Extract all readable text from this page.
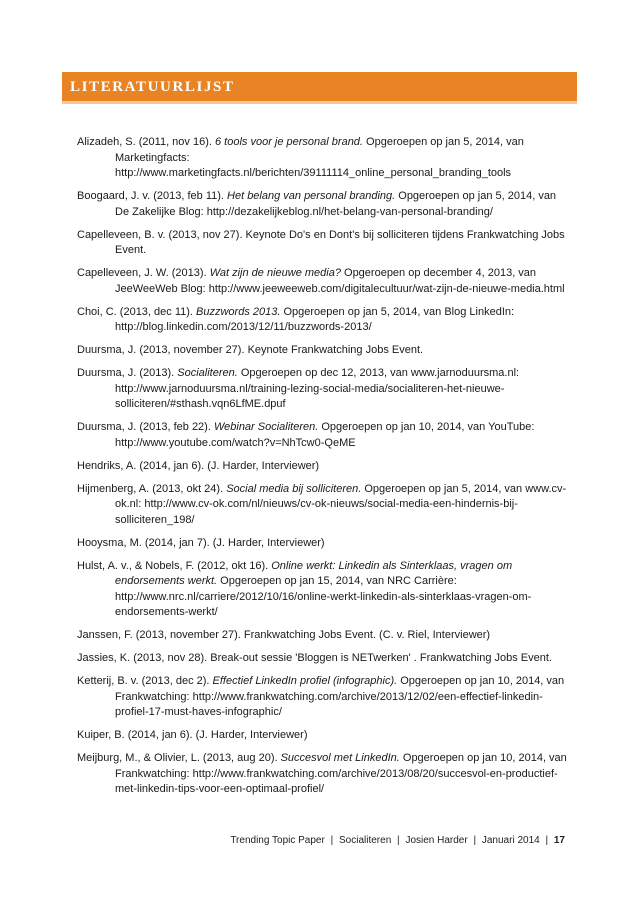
LITERATUURLIJST

Alizadeh, S. (2011, nov 16). 6 tools voor je personal brand. Opgeroepen op jan 5, 2014, van Marketingfacts: http://www.marketingfacts.nl/berichten/39111114_online_personal_branding_tools

Boogaard, J. v. (2013, feb 11). Het belang van personal branding. Opgeroepen op jan 5, 2014, van De Zakelijke Blog: http://dezakelijkeblog.nl/het-belang-van-personal-branding/

Capelleveen, B. v. (2013, nov 27). Keynote Do's en Dont's bij solliciteren tijdens Frankwatching Jobs Event.

Capelleveen, J. W. (2013). Wat zijn de nieuwe media? Opgeroepen op december 4, 2013, van JeeWeeWeb Blog: http://www.jeeweeweb.com/digitalecultuur/wat-zijn-de-nieuwe-media.html

Choi, C. (2013, dec 11). Buzzwords 2013. Opgeroepen op jan 5, 2014, van Blog LinkedIn: http://blog.linkedin.com/2013/12/11/buzzwords-2013/

Duursma, J. (2013, november 27). Keynote Frankwatching Jobs Event.

Duursma, J. (2013). Socialiteren. Opgeroepen op dec 12, 2013, van www.jarnoduursma.nl: http://www.jarnoduursma.nl/training-lezing-social-media/socialiteren-het-nieuwe-solliciteren/#sthash.vqn6LfME.dpuf

Duursma, J. (2013, feb 22). Webinar Socialiteren. Opgeroepen op jan 10, 2014, van YouTube: http://www.youtube.com/watch?v=NhTcw0-QeME

Hendriks, A. (2014, jan 6). (J. Harder, Interviewer)

Hijmenberg, A. (2013, okt 24). Social media bij solliciteren. Opgeroepen op jan 5, 2014, van www.cv-ok.nl: http://www.cv-ok.com/nl/nieuws/cv-ok-nieuws/social-media-een-hindernis-bij-solliciteren_198/

Hooysma, M. (2014, jan 7). (J. Harder, Interviewer)

Hulst, A. v., & Nobels, F. (2012, okt 16). Online werkt: Linkedin als Sinterklaas, vragen om endorsements werkt. Opgeroepen op jan 15, 2014, van NRC Carrière: http://www.nrc.nl/carriere/2012/10/16/online-werkt-linkedin-als-sinterklaas-vragen-om-endorsements-werkt/

Janssen, F. (2013, november 27). Frankwatching Jobs Event. (C. v. Riel, Interviewer)

Jassies, K. (2013, nov 28). Break-out sessie 'Bloggen is NETwerken' . Frankwatching Jobs Event.

Ketterij, B. v. (2013, dec 2). Effectief LinkedIn profiel (infographic). Opgeroepen op jan 10, 2014, van Frankwatching: http://www.frankwatching.com/archive/2013/12/02/een-effectief-linkedin-profiel-17-must-haves-infographic/

Kuiper, B. (2014, jan 6). (J. Harder, Interviewer)

Meijburg, M., & Olivier, L. (2013, aug 20). Succesvol met LinkedIn. Opgeroepen op jan 10, 2014, van Frankwatching: http://www.frankwatching.com/archive/2013/08/20/succesvol-en-productief-met-linkedin-tips-voor-een-optimaal-profiel/

Trending Topic Paper | Socialiteren | Josien Harder | Januari 2014 | 17
